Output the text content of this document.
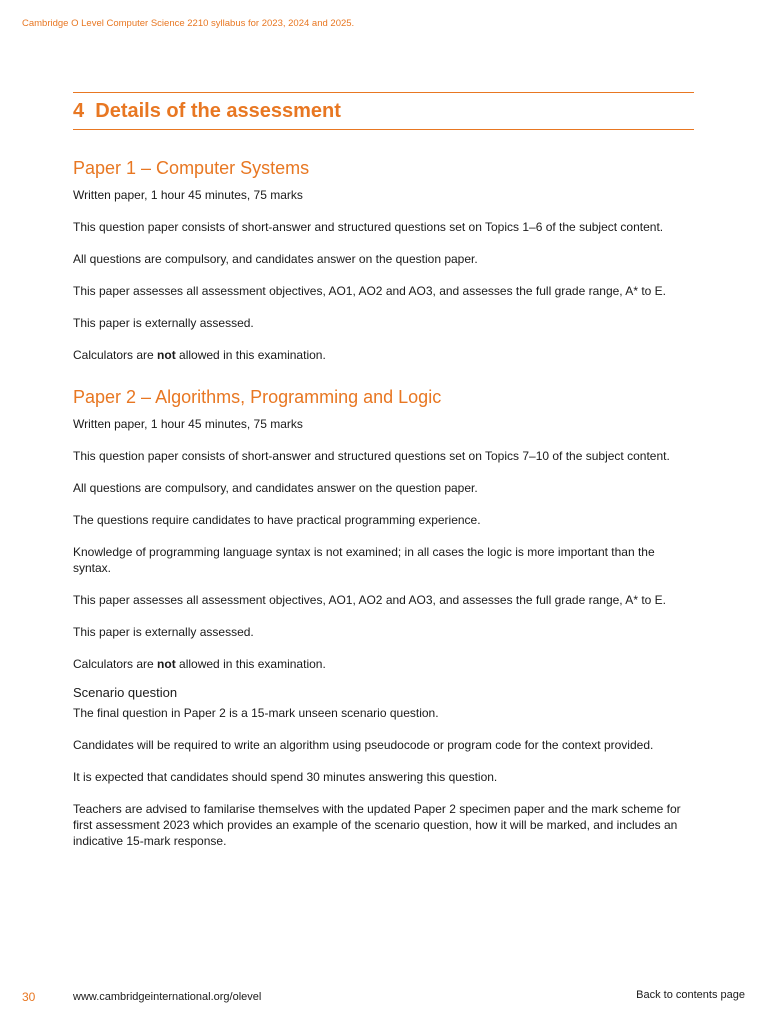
Cambridge O Level Computer Science 2210 syllabus for 2023, 2024 and 2025.
4 Details of the assessment
Paper 1 – Computer Systems

Written paper, 1 hour 45 minutes, 75 marks

This question paper consists of short-answer and structured questions set on Topics 1–6 of the subject content.

All questions are compulsory, and candidates answer on the question paper.

This paper assesses all assessment objectives, AO1, AO2 and AO3, and assesses the full grade range, A* to E.

This paper is externally assessed.

Calculators are not allowed in this examination.

Paper 2 – Algorithms, Programming and Logic

Written paper, 1 hour 45 minutes, 75 marks

This question paper consists of short-answer and structured questions set on Topics 7–10 of the subject content.

All questions are compulsory, and candidates answer on the question paper.

The questions require candidates to have practical programming experience.

Knowledge of programming language syntax is not examined; in all cases the logic is more important than the syntax.

This paper assesses all assessment objectives, AO1, AO2 and AO3, and assesses the full grade range, A* to E.

This paper is externally assessed.

Calculators are not allowed in this examination.

Scenario question

The final question in Paper 2 is a 15-mark unseen scenario question.

Candidates will be required to write an algorithm using pseudocode or program code for the context provided.

It is expected that candidates should spend 30 minutes answering this question.

Teachers are advised to familarise themselves with the updated Paper 2 specimen paper and the mark scheme for first assessment 2023 which provides an example of the scenario question, how it will be marked, and includes an indicative 15-mark response.

30	www.cambridgeinternational.org/olevel	Back to contents page
